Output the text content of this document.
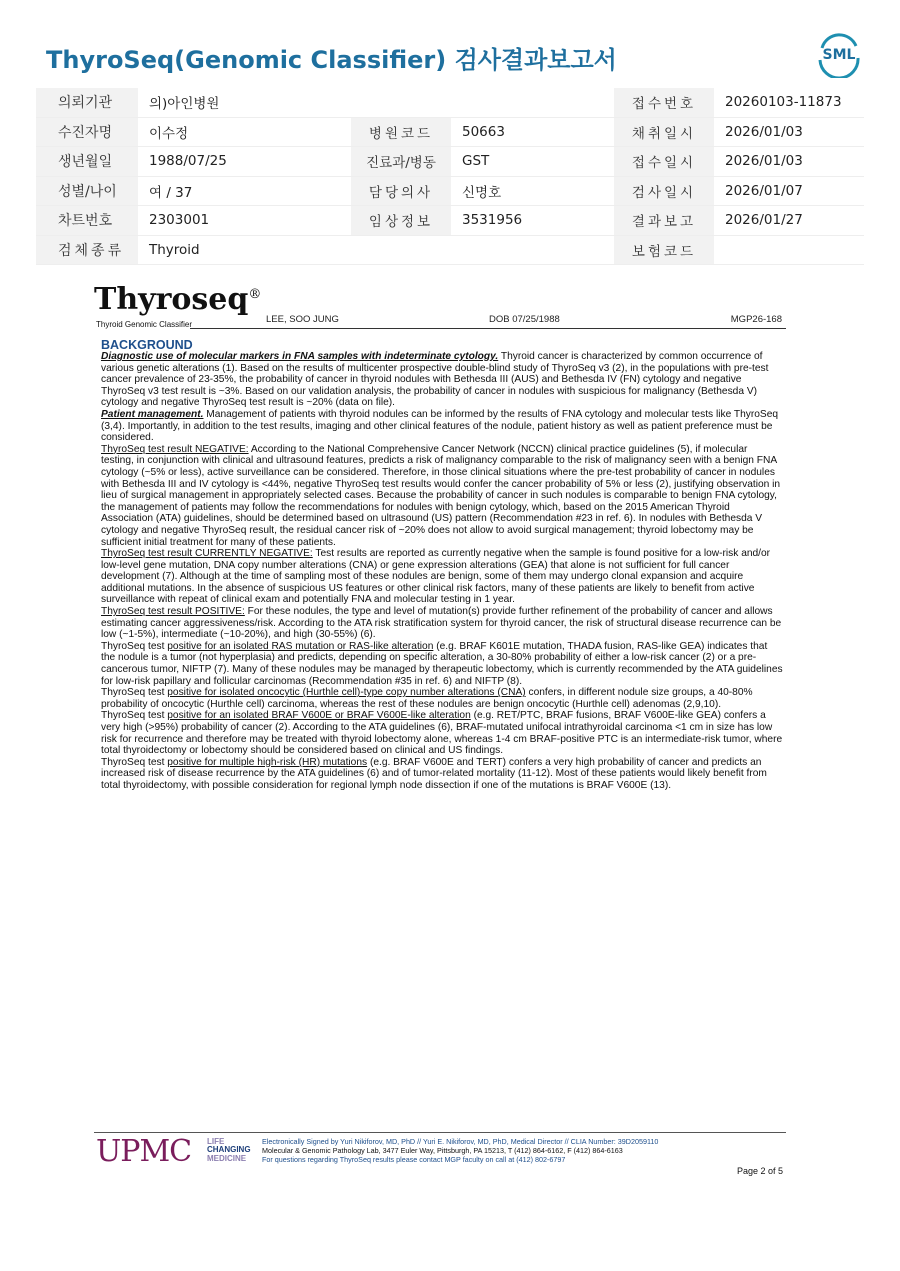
ThyroSeq(Genomic Classifier) 검사결과보고서	SML
의뢰기관	의)아인병원			접수번호	20260103-11873
수진자명	이수정	병원코드	50663	채취일시	2026/01/03
생년월일	1988/07/25	진료과/병동	GST	접수일시	2026/01/03
성별/나이	여 / 37	담당의사	신명호	검사일시	2026/01/07
차트번호	2303001	임상정보	3531956	결과보고	2026/01/27
검체종류	Thyroid			보험코드	
Thyroseq®
Thyroid Genomic Classifier	LEE, SOO JUNG	DOB 07/25/1988	MGP26-168
BACKGROUND

Diagnostic use of molecular markers in FNA samples with indeterminate cytology. Thyroid cancer is characterized by common occurrence of various genetic alterations (1). Based on the results of multicenter prospective double-blind study of ThyroSeq v3 (2), in the populations with pre-test cancer prevalence of 23-35%, the probability of cancer in thyroid nodules with Bethesda III (AUS) and Bethesda IV (FN) cytology and negative ThyroSeq v3 test result is ~3%. Based on our validation analysis, the probability of cancer in nodules with suspicious for malignancy (Bethesda V) cytology and negative ThyroSeq test result is ~20% (data on file).

Patient management. Management of patients with thyroid nodules can be informed by the results of FNA cytology and molecular tests like ThyroSeq (3,4). Importantly, in addition to the test results, imaging and other clinical features of the nodule, patient history as well as patient preference must be considered.

ThyroSeq test result NEGATIVE: According to the National Comprehensive Cancer Network (NCCN) clinical practice guidelines (5), if molecular testing, in conjunction with clinical and ultrasound features, predicts a risk of malignancy comparable to the risk of malignancy seen with a benign FNA cytology (~5% or less), active surveillance can be considered. Therefore, in those clinical situations where the pre-test probability of cancer in nodules with Bethesda III and IV cytology is <44%, negative ThyroSeq test results would confer the cancer probability of 5% or less (2), justifying observation in lieu of surgical management in appropriately selected cases. Because the probability of cancer in such nodules is comparable to benign FNA cytology, the management of patients may follow the recommendations for nodules with benign cytology, which, based on the 2015 American Thyroid Association (ATA) guidelines, should be determined based on ultrasound (US) pattern (Recommendation #23 in ref. 6). In nodules with Bethesda V cytology and negative ThyroSeq result, the residual cancer risk of ~20% does not allow to avoid surgical management; thyroid lobectomy may be sufficient initial treatment for many of these patients.

ThyroSeq test result CURRENTLY NEGATIVE: Test results are reported as currently negative when the sample is found positive for a low-risk and/or low-level gene mutation, DNA copy number alterations (CNA) or gene expression alterations (GEA) that alone is not sufficient for full cancer development (7). Although at the time of sampling most of these nodules are benign, some of them may undergo clonal expansion and acquire additional mutations. In the absence of suspicious US features or other clinical risk factors, many of these patients are likely to benefit from active surveillance with repeat of clinical exam and potentially FNA and molecular testing in 1 year.

ThyroSeq test result POSITIVE: For these nodules, the type and level of mutation(s) provide further refinement of the probability of cancer and allows estimating cancer aggressiveness/risk. According to the ATA risk stratification system for thyroid cancer, the risk of structural disease recurrence can be low (~1-5%), intermediate (~10-20%), and high (30-55%) (6).

ThyroSeq test positive for an isolated RAS mutation or RAS-like alteration (e.g. BRAF K601E mutation, THADA fusion, RAS-like GEA) indicates that the nodule is a tumor (not hyperplasia) and predicts, depending on specific alteration, a 30-80% probability of either a low-risk cancer (2) or a pre-cancerous tumor, NIFTP (7). Many of these nodules may be managed by therapeutic lobectomy, which is currently recommended by the ATA guidelines for low-risk papillary and follicular carcinomas (Recommendation #35 in ref. 6) and NIFTP (8).

ThyroSeq test positive for isolated oncocytic (Hurthle cell)-type copy number alterations (CNA) confers, in different nodule size groups, a 40-80% probability of oncocytic (Hurthle cell) carcinoma, whereas the rest of these nodules are benign oncocytic (Hurthle cell) adenomas (2,9,10).

ThyroSeq test positive for an isolated BRAF V600E or BRAF V600E-like alteration (e.g. RET/PTC, BRAF fusions, BRAF V600E-like GEA) confers a very high (>95%) probability of cancer (2). According to the ATA guidelines (6), BRAF-mutated unifocal intrathyroidal carcinoma <1 cm in size has low risk for recurrence and therefore may be treated with thyroid lobectomy alone, whereas 1-4 cm BRAF-positive PTC is an intermediate-risk tumor, where total thyroidectomy or lobectomy should be considered based on clinical and US findings.

ThyroSeq test positive for multiple high-risk (HR) mutations (e.g. BRAF V600E and TERT) confers a very high probability of cancer and predicts an increased risk of disease recurrence by the ATA guidelines (6) and of tumor-related mortality (11-12). Most of these patients would likely benefit from total thyroidectomy, with possible consideration for regional lymph node dissection if one of the mutations is BRAF V600E (13).

UPMC LIFE
CHANGING
MEDICINE
Electronically Signed by Yuri Nikiforov, MD, PhD // Yuri E. Nikiforov, MD, PhD, Medical Director // CLIA Number: 39D2059110
Molecular & Genomic Pathology Lab, 3477 Euler Way, Pittsburgh, PA 15213, T (412) 864-6162, F (412) 864-6163
For questions regarding ThyroSeq results please contact MGP faculty on call at (412) 802-6797
Page 2 of 5
